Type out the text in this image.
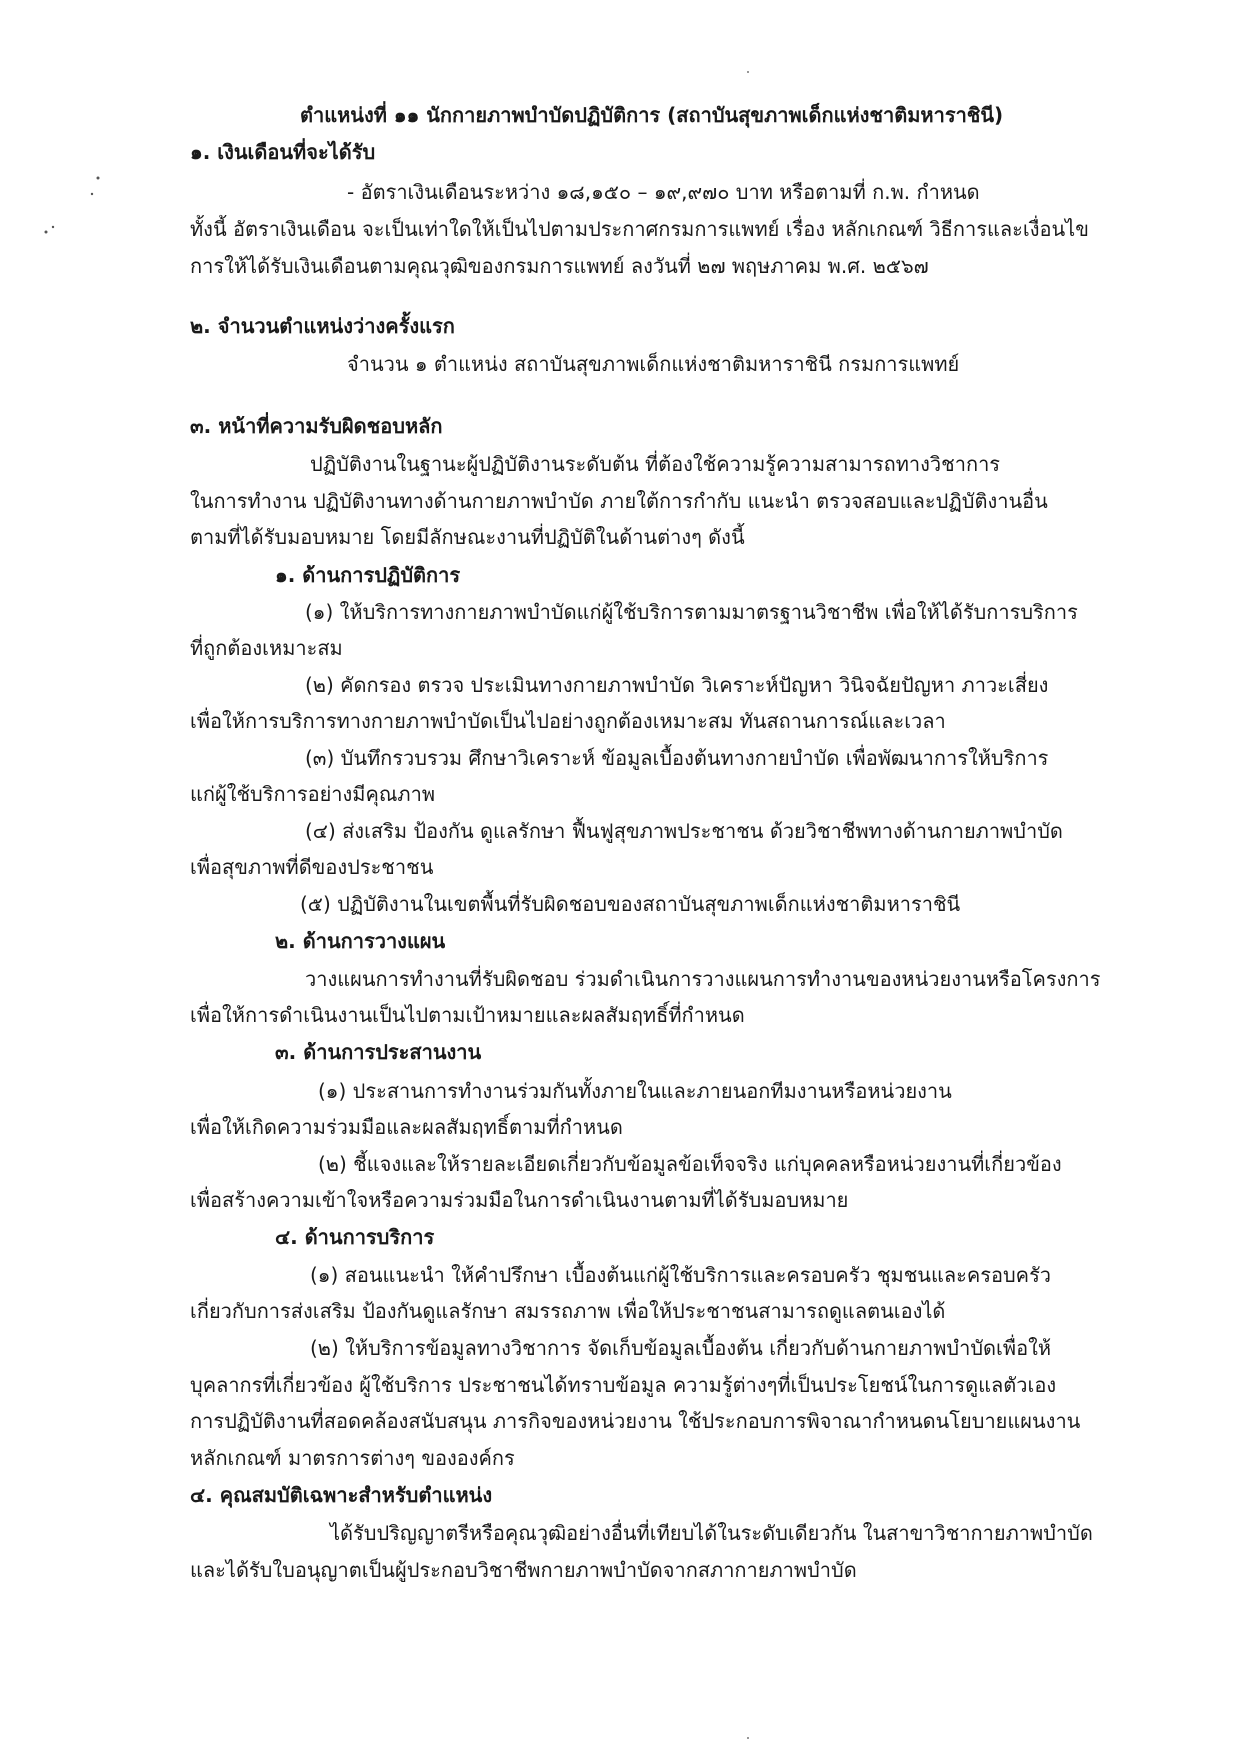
ตำแหน่งที่ ๑๑ นักกายภาพบำบัดปฏิบัติการ (สถาบันสุขภาพเด็กแห่งชาติมหาราชินี)
๑. เงินเดือนที่จะได้รับ
- อัตราเงินเดือนระหว่าง ๑๘,๑๕๐ – ๑๙,๙๗๐ บาท หรือตามที่ ก.พ. กำหนด
ทั้งนี้ อัตราเงินเดือน จะเป็นเท่าใดให้เป็นไปตามประกาศกรมการแพทย์ เรื่อง หลักเกณฑ์ วิธีการและเงื่อนไข
การให้ได้รับเงินเดือนตามคุณวุฒิของกรมการแพทย์ ลงวันที่ ๒๗ พฤษภาคม พ.ศ. ๒๕๖๗
๒. จำนวนตำแหน่งว่างครั้งแรก
จำนวน ๑ ตำแหน่ง สถาบันสุขภาพเด็กแห่งชาติมหาราชินี กรมการแพทย์
๓. หน้าที่ความรับผิดชอบหลัก
ปฏิบัติงานในฐานะผู้ปฏิบัติงานระดับต้น ที่ต้องใช้ความรู้ความสามารถทางวิชาการ
ในการทำงาน ปฏิบัติงานทางด้านกายภาพบำบัด ภายใต้การกำกับ แนะนำ ตรวจสอบและปฏิบัติงานอื่น
ตามที่ได้รับมอบหมาย โดยมีลักษณะงานที่ปฏิบัติในด้านต่างๆ ดังนี้
๑. ด้านการปฏิบัติการ
(๑) ให้บริการทางกายภาพบำบัดแก่ผู้ใช้บริการตามมาตรฐานวิชาชีพ เพื่อให้ได้รับการบริการ
ที่ถูกต้องเหมาะสม
(๒) คัดกรอง ตรวจ ประเมินทางกายภาพบำบัด วิเคราะห์ปัญหา วินิจฉัยปัญหา ภาวะเสี่ยง
เพื่อให้การบริการทางกายภาพบำบัดเป็นไปอย่างถูกต้องเหมาะสม ทันสถานการณ์และเวลา
(๓) บันทึกรวบรวม ศึกษาวิเคราะห์ ข้อมูลเบื้องต้นทางกายบำบัด เพื่อพัฒนาการให้บริการ
แก่ผู้ใช้บริการอย่างมีคุณภาพ
(๔) ส่งเสริม ป้องกัน ดูแลรักษา ฟื้นฟูสุขภาพประชาชน ด้วยวิชาชีพทางด้านกายภาพบำบัด
เพื่อสุขภาพที่ดีของประชาชน
(๕) ปฏิบัติงานในเขตพื้นที่รับผิดชอบของสถาบันสุขภาพเด็กแห่งชาติมหาราชินี
๒. ด้านการวางแผน
วางแผนการทำงานที่รับผิดชอบ ร่วมดำเนินการวางแผนการทำงานของหน่วยงานหรือโครงการ
เพื่อให้การดำเนินงานเป็นไปตามเป้าหมายและผลสัมฤทธิ์ที่กำหนด
๓. ด้านการประสานงาน
(๑) ประสานการทำงานร่วมกันทั้งภายในและภายนอกทีมงานหรือหน่วยงาน
เพื่อให้เกิดความร่วมมือและผลสัมฤทธิ์ตามที่กำหนด
(๒) ชี้แจงและให้รายละเอียดเกี่ยวกับข้อมูลข้อเท็จจริง แก่บุคคลหรือหน่วยงานที่เกี่ยวข้อง
เพื่อสร้างความเข้าใจหรือความร่วมมือในการดำเนินงานตามที่ได้รับมอบหมาย
๔. ด้านการบริการ
(๑) สอนแนะนำ ให้คำปรึกษา เบื้องต้นแก่ผู้ใช้บริการและครอบครัว ชุมชนและครอบครัว
เกี่ยวกับการส่งเสริม ป้องกันดูแลรักษา สมรรถภาพ เพื่อให้ประชาชนสามารถดูแลตนเองได้
(๒) ให้บริการข้อมูลทางวิชาการ จัดเก็บข้อมูลเบื้องต้น เกี่ยวกับด้านกายภาพบำบัดเพื่อให้
บุคลากรที่เกี่ยวข้อง ผู้ใช้บริการ ประชาชนได้ทราบข้อมูล ความรู้ต่างๆที่เป็นประโยชน์ในการดูแลตัวเอง
การปฏิบัติงานที่สอดคล้องสนับสนุน ภารกิจของหน่วยงาน ใช้ประกอบการพิจาณากำหนดนโยบายแผนงาน
หลักเกณฑ์ มาตรการต่างๆ ขององค์กร
๔. คุณสมบัติเฉพาะสำหรับตำแหน่ง
ได้รับปริญญาตรีหรือคุณวุฒิอย่างอื่นที่เทียบได้ในระดับเดียวกัน ในสาขาวิชากายภาพบำบัด
และได้รับใบอนุญาตเป็นผู้ประกอบวิชาชีพกายภาพบำบัดจากสภากายภาพบำบัด
